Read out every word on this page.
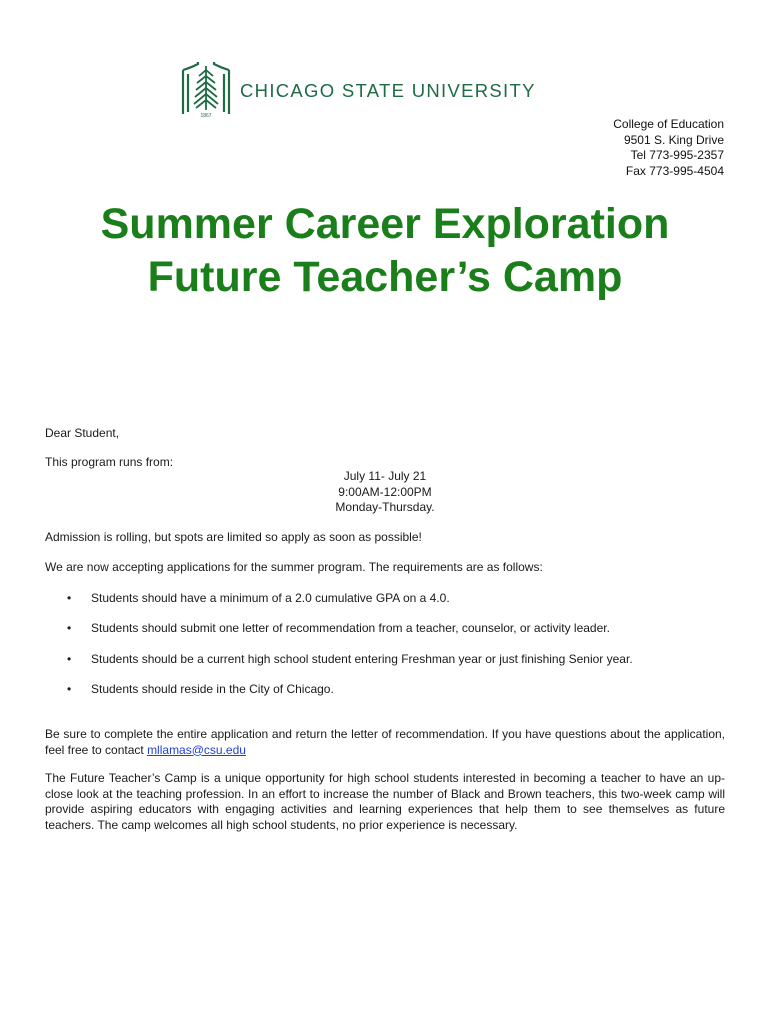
1867
CHICAGO STATE UNIVERSITY
College of Education
9501 S. King Drive
Tel 773-995-2357
Fax 773-995-4504
Summer Career Exploration
Future Teacher’s Camp
Dear Student,
This program runs from:
July 11- July 21
9:00AM-12:00PM
Monday-Thursday.
Admission is rolling, but spots are limited so apply as soon as possible!
We are now accepting applications for the summer program. The requirements are as follows:
• Students should have a minimum of a 2.0 cumulative GPA on a 4.0.
• Students should submit one letter of recommendation from a teacher, counselor, or activity leader.
• Students should be a current high school student entering Freshman year or just finishing Senior year.
• Students should reside in the City of Chicago.
Be sure to complete the entire application and return the letter of recommendation. If you have questions about the application, feel free to contact mllamas@csu.edu
The Future Teacher’s Camp is a unique opportunity for high school students interested in becoming a teacher to have an up-close look at the teaching profession. In an effort to increase the number of Black and Brown teachers, this two-week camp will provide aspiring educators with engaging activities and learning experiences that help them to see themselves as future teachers. The camp welcomes all high school students, no prior experience is necessary.
